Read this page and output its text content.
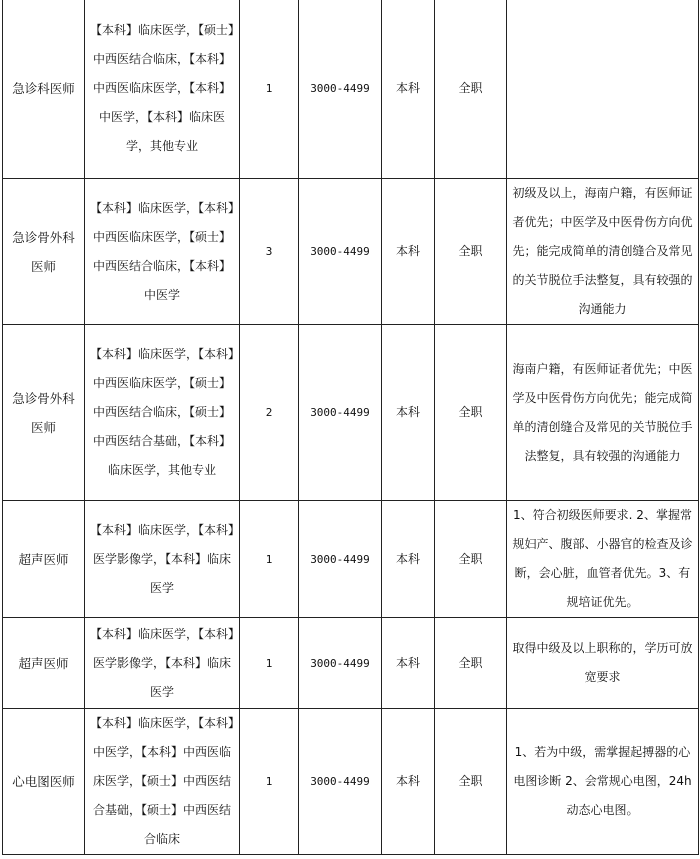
急诊科医师	【本科】临床医学，【硕士】中西医结合临床，【本科】中西医临床医学，【本科】中医学，【本科】临床医学，其他专业	1	3000-4499	本科	全职	
急诊骨外科医师	【本科】临床医学，【本科】中西医临床医学，【硕士】中西医结合临床，【本科】中医学	3	3000-4499	本科	全职	初级及以上，海南户籍，有医师证者优先；中医学及中医骨伤方向优先；能完成简单的清创缝合及常见的关节脱位手法整复，具有较强的沟通能力
急诊骨外科医师	【本科】临床医学，【本科】中西医临床医学，【硕士】中西医结合临床，【硕士】中西医结合基础，【本科】临床医学，其他专业	2	3000-4499	本科	全职	海南户籍，有医师证者优先；中医学及中医骨伤方向优先；能完成简单的清创缝合及常见的关节脱位手法整复，具有较强的沟通能力
超声医师	【本科】临床医学，【本科】医学影像学，【本科】临床医学	1	3000-4499	本科	全职	1、符合初级医师要求. 2、掌握常规妇产、腹部、小器官的检查及诊断，会心脏，血管者优先。3、有规培证优先。
超声医师	【本科】临床医学，【本科】医学影像学，【本科】临床医学	1	3000-4499	本科	全职	取得中级及以上职称的，学历可放宽要求
心电图医师	【本科】临床医学，【本科】中医学，【本科】中西医临床医学，【硕士】中西医结合基础，【硕士】中西医结合临床	1	3000-4499	本科	全职	1、若为中级，需掌握起搏器的心电图诊断 2、会常规心电图，24h动态心电图。
